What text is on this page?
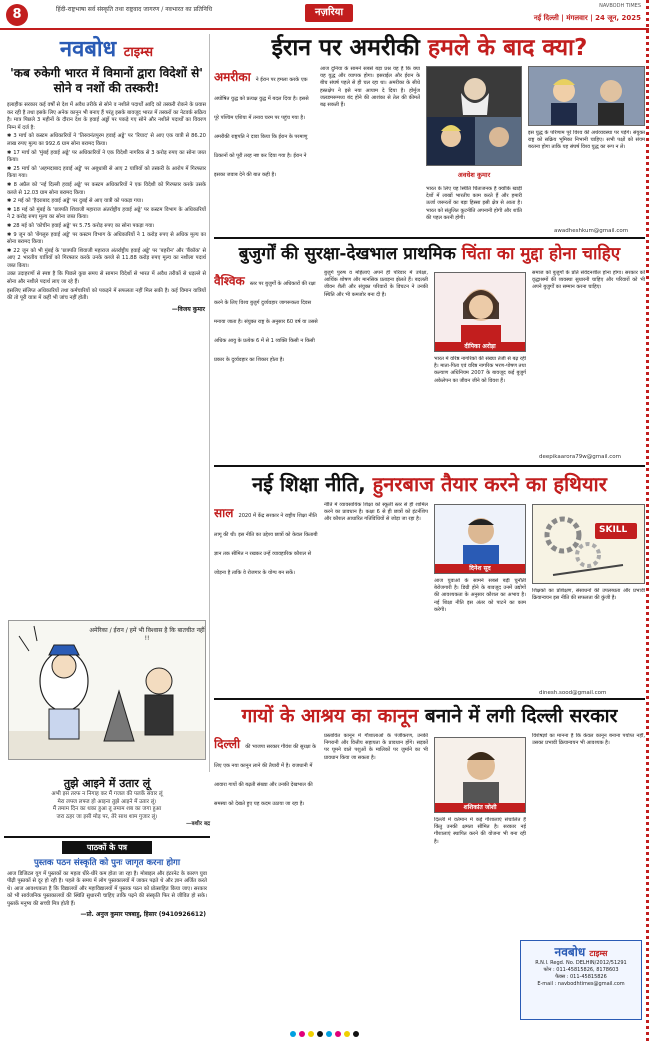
8	हिंदी-राष्ट्रभाषा सर्व संस्कृति तथा राष्ट्रवाद जागरण / नवभारत का प्रतिनिधि	नज़रिया
NAVBODH TIMES
नई दिल्ली | मंगलवार | 24 जून, 2025
नवबोध टाइम्स
'कब रुकेगी भारत में विमानों द्वारा विदेशों से' सोने व नशों की तस्करी!

इलाहीक सरकार कई वर्षों से देश में अवैध तरीके से सोने व नशीले पदार्थों आदि को तस्करी रोकने के प्रयास कर रही है तथा इसके लिए अनेक कानून भी बनाए हैं परंतु इसके बावजूद भारत में तस्करों का नेटवर्क सक्रिय है। मात्र पिछले 3 महीनों के दौरान देश के हवाई अड्डों पर पकड़े गए सोने और नशीले पदार्थों का विवरण निम्न में दर्ज है:

✱ 3 मार्च को कस्टम अधिकारियों ने 'तिरुवनंतपुरम हवाई अड्डे' पर 'रियाद' से आए एक यात्री से 86.20 लाख रुपए मूल्य का 992.6 ग्राम सोना बरामद किया।

✱ 17 मार्च को 'मुंबई हवाई अड्डे' पर अधिकारियों ने एक विदेशी नागरिक से 3 करोड़ रुपए का सोना जब्त किया।

✱ 25 मार्च को 'अहमदाबाद हवाई अड्डे' पर अबूधाबी से आए 2 यात्रियों को तस्करी के आरोप में गिरफ्तार किया गया।

✱ 8 अप्रैल को 'नई दिल्ली हवाई अड्डे' पर कस्टम अधिकारियों ने एक विदेशी को गिरफ्तार करके उसके कब्जे से 12.03 ग्राम सोना बरामद किया।

✱ 2 मई को 'हैदराबाद हवाई अड्डे' पर दुबई से आए यात्री को पकड़ा गया।

✱ 18 मई को मुंबई के 'छत्रपति शिवाजी महाराज अंतर्राष्ट्रीय हवाई अड्डे' पर कस्टम विभाग के अधिकारियों ने 2 करोड़ रुपए मूल्य का सोना जब्त किया।

✱ 28 मई को 'कोचीन हवाई अड्डे' पर 5.75 करोड़ रुपए का सोना पकड़ा गया।

✱ 9 जून को 'बेंगलुरु हवाई अड्डे' पर कस्टम विभाग के अधिकारियों ने 1 करोड़ रुपए से अधिक मूल्य का सोना बरामद किया।

✱ 22 जून को भी मुंबई के 'छत्रपति शिवाजी महाराज अंतर्राष्ट्रीय हवाई अड्डे' पर 'बहरीन' और 'बैंकॉक' से आए 2 भारतीय यात्रियों को गिरफ्तार करके उनके कब्जे से 11.88 करोड़ रुपए मूल्य का नशीला पदार्थ जब्त किया।

उक्त उदाहरणों से स्पष्ट है कि पिछले कुछ समय से सामान विदेशों से भारत में अवैध तरीकों से धड़ल्ले से सोना और नशीले पदार्थ लाए जा रहे हैं।

इसलिए संलिप्त अधिकारियों तथा कर्मचारियों को पकड़ने में सफलता नहीं मिल सकी है। कई विमान यात्रियों की तो पूरी यात्रा में कहीं भी जांच नहीं होती।

—विजय कुमार
अमेरिका / ईरान / हमें भी विश्वास है कि बातचीत नहीं !!
तुझे आइने में उतार लूं
अभी इस तरफ न निगाह कर मैं गजल की पलकें संवार लूं
मेरा लफ्ज लफ्ज हो आइना तुझे आइने में उतार लूं।
मैं तमाम दिन का थका हुआ तू तमाम शब का जगा हुआ
जरा ठहर जा इसी मोड़ पर, तेरे साथ शाम गुजार लूं।
—बशीर बद्र
पाठकों के पत्र
पुस्तक पठन संस्कृति को पुनः जागृत करना होगा
आज डिजिटल युग में पुस्तकों का महत्व धीरे-धीरे कम होता जा रहा है। मोबाइल और इंटरनेट के कारण युवा पीढ़ी पुस्तकों से दूर हो रही है। पहले के समय में लोग पुस्तकालयों में जाकर पढ़ते थे और ज्ञान अर्जित करते थे। आज आवश्यकता है कि विद्यालयों और महाविद्यालयों में पुस्तक पठन को प्रोत्साहित किया जाए। सरकार को भी सार्वजनिक पुस्तकालयों की स्थिति सुधारनी चाहिए ताकि पढ़ने की संस्कृति फिर से जीवित हो सके। पुस्तकें मनुष्य की सच्ची मित्र होती हैं।
—प्रो. अनुज कुमार पत्रबाहु, हिसार (9410926612)
ईरान पर अमरीकी हमले के बाद क्या?
अमरीका ने ईरान पर हमला करके एक अघोषित युद्ध को प्रत्यक्ष युद्ध में बदल दिया है। इससे पूरे पश्चिम एशिया में तनाव चरम पर पहुंच गया है। अमरीकी राष्ट्रपति ने दावा किया कि ईरान के परमाणु ठिकानों को पूरी तरह नष्ट कर दिया गया है। ईरान ने इसका जवाब देने की बात कही है।
आज दुनिया के सामने सबसे बड़ा प्रश्न यह है कि क्या यह युद्ध और व्यापक होगा। इसराईल और ईरान के बीच संघर्ष पहले से ही चल रहा था। अमरीका के सीधे हस्तक्षेप ने इसे नया आयाम दे दिया है। होर्मुज जलडमरूमध्य बंद होने की आशंका से तेल की कीमतें बढ़ सकती हैं।
अवधेश कुमार
भारत के लिए यह स्थिति चिंताजनक है क्योंकि खाड़ी देशों में लाखों भारतीय काम करते हैं और हमारी ऊर्जा जरूरतों का बड़ा हिस्सा इसी क्षेत्र से आता है। भारत को संतुलित कूटनीति अपनानी होगी और शांति की पहल करनी होगी।
इस युद्ध के परिणाम पूरे विश्व की अर्थव्यवस्था पर पड़ेंगे। संयुक्त राष्ट्र को सक्रिय भूमिका निभानी चाहिए। सभी पक्षों को संयम बरतना होगा ताकि यह संघर्ष विश्व युद्ध का रूप न ले।
awadheshkum@gmail.com
बुजुर्गों की सुरक्षा-देखभाल प्राथमिक चिंता का मुद्दा होना चाहिए
वैश्विक स्तर पर बुजुर्गों के अधिकारों की रक्षा करने के लिए विश्व बुजुर्ग दुर्व्यवहार जागरूकता दिवस मनाया जाता है। संयुक्त राष्ट्र के अनुसार 60 वर्ष या उससे अधिक आयु के प्रत्येक 6 में से 1 व्यक्ति किसी न किसी प्रकार के दुर्व्यवहार का शिकार होता है।
बुजुर्ग पुरुष व महिलाएं अपने ही परिवार में उपेक्षा, आर्थिक शोषण और मानसिक प्रताड़ना झेलते हैं। बदलती जीवन शैली और संयुक्त परिवारों के विघटन ने उनकी स्थिति और भी कमजोर बना दी है।
दीपिका अरोड़ा
भारत में वरिष्ठ नागरिकों की संख्या तेजी से बढ़ रही है। माता-पिता एवं वरिष्ठ नागरिक भरण-पोषण तथा कल्याण अधिनियम 2007 के बावजूद कई बुजुर्ग अकेलेपन का जीवन जीने को विवश हैं।
समाज को बुजुर्गों के प्रति संवेदनशील होना होगा। सरकार को वृद्धाश्रमों की व्यवस्था सुधारनी चाहिए और परिवारों को भी अपने बुजुर्गों का सम्मान करना चाहिए।
deepikaarora79w@gmail.com
नई शिक्षा नीति, हुनरबाज तैयार करने का हथियार
साल 2020 में केंद्र सरकार ने राष्ट्रीय शिक्षा नीति लागू की थी। इस नीति का उद्देश्य छात्रों को केवल किताबी ज्ञान तक सीमित न रखकर उन्हें व्यावहारिक कौशल से जोड़ना है ताकि वे रोजगार के योग्य बन सकें।
नीति में व्यावसायिक शिक्षा को स्कूली स्तर से ही शामिल करने का प्रावधान है। कक्षा 6 से ही छात्रों को इंटर्नशिप और कौशल आधारित गतिविधियों से जोड़ा जा रहा है।
दिनेश सूद
आज युवाओं के सामने सबसे बड़ी चुनौती बेरोजगारी है। डिग्री होने के बावजूद उनमें उद्योगों की आवश्यकता के अनुसार कौशल का अभाव है। नई शिक्षा नीति इस अंतर को पाटने का काम करेगी।
SKILL
शिक्षकों का प्रशिक्षण, संसाधनों की उपलब्धता और प्रभावी क्रियान्वयन इस नीति की सफलता की कुंजी है।
dinesh.sood@gmail.com
गायों के आश्रय का कानून बनाने में लगी दिल्ली सरकार
दिल्ली की भाजपा सरकार गौवंश की सुरक्षा के लिए एक नया कानून लाने की तैयारी में है। राजधानी में आवारा गायों की बढ़ती संख्या और उनकी देखभाल की समस्या को देखते हुए यह कदम उठाया जा रहा है।
प्रस्तावित कानून में गौशालाओं के पंजीकरण, उनकी निगरानी और वित्तीय सहायता के प्रावधान होंगे। सड़कों पर घूमने वाले पशुओं के मालिकों पर जुर्माने का भी प्रावधान किया जा सकता है।
शशिकांत जोशी
दिल्ली में वर्तमान में कई गौशालाएं संचालित हैं किंतु उनकी क्षमता सीमित है। सरकार नई गौशालाएं स्थापित करने की योजना भी बना रही है।
विशेषज्ञों का मानना है कि केवल कानून बनाना पर्याप्त नहीं, उसका प्रभावी क्रियान्वयन भी आवश्यक है।
नवबोध टाइम्स
R.N.I. Regd. No. DELHIN/2012/51291
फोन : 011-45815826, 8178603
फैक्स : 011-45815826
E-mail : navbodhtimes@gmail.com
